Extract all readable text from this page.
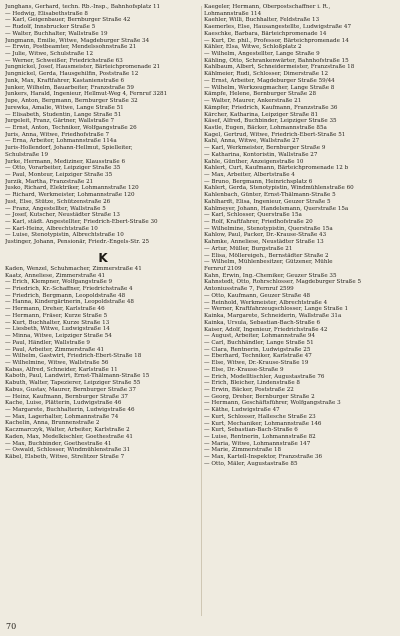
Junghans, Gerhard, techn. Rb.-Insp., Bahnhofsplatz 11
— Hedwig, Elisabethstraße 8
— Karl, Geigenbauer, Bernburger Straße 42
— Rudolf, Innsbrucker Straße 5
— Walter, Buchhalter, Wallstraße 19
Jungmann, Emilie, Witwe, Magdeburger Straße 34
— Erwin, Postbeamter, Mendelssohnstraße 21
— Julie, Witwe, Schulstraße 12
— Werner, Schweißer, Friedrichstraße 63
Jungnickel, Josef, Hausmeister, Bärteichpromenade 21
Jungnickel, Gerda, Hausgehilfin, Poststraße 12
Junk, Max, Kraftfahrer, Kastanienstraße 6
Junker, Wilhelm, Bauarbeiter, Franzstraße 59
Junkers, Harald, Ingenieur, Hellmut-Weg 4, Fernruf 3281
Jupe, Anton, Bergmann, Bernburger Straße 32
Jurewka, Amalie, Witwe, Lange Straße 51
— Elisabeth, Studentin, Lange Straße 51
Jurgeleit, Franz, Gärtner, Wallstraße 7
— Ernst, Anton, Techniker, Wolfgangstraße 26
Juris, Anna, Witwe, Friedhofstraße 7
— Erna, Arbeiter, Lohmannstraße 114a
Juris-Hollendorf, Johann-Hellmut, Spielleiter,
Schulstraße 19
Jurke, Hermann, Mediziner, Klausstraße 6
— Otto, Vorarbeiter, Leipziger Straße 35
— Paul, Monteur, Leipziger Straße 35
Jurzik, Martha, Franzstraße 21
Jusko, Richard, Elektriker, Lohmannstraße 120
— Richard, Werkmeister, Lohmannstraße 120
Just, Else, Stütze, Schützenstraße 26
— Franz, Angestellter, Wallstraße 5
— Josef, Kutscher, Neustädter Straße 13
— Karl, städt. Angestellter, Friedrich-Ebert-Straße 30
— Karl-Heinz, Albrechtstraße 10
— Luise, Stenotypistin, Albrechtstraße 10
Justinger, Johann, Pensionär, Friedr.-Engels-Str. 25
K
Kaden, Wenzel, Schuhmacher, Zimmerstraße 41
Kaatz, Anneliese, Zimmerstraße 41
— Erich, Klempner, Wolfgangstraße 9
— Friedrich, Kr.-Schaffner, Friedrichstraße 4
— Friedrich, Bergmann, Leopoldstraße 48
— Hanna, Kindergärtnerin, Leopoldstraße 48
— Hermann, Dreher, Karlstraße 46
— Hermann, Fräser, Kurze Straße 5
— Kurt, Buchhalter, Kurze Straße 13
— Liesbeth, Witwe, Ludwigstraße 14
— Minna, Witwe, Leipziger Straße 54
— Paul, Händler, Wallstraße 9
— Paul, Arbeiter, Zimmerstraße 41
— Wilhelm, Gastwirt, Friedrich-Ebert-Straße 18
— Wilhelmine, Witwe, Wallstraße 56
Kabas, Alfred, Schneider, Karlstraße 11
Kaboth, Paul, Landwirt, Ernst-Thälmann-Straße 15
Kabuth, Walter, Tapezierer, Leipziger Straße 55
Kabus, Gustav, Maurer, Bernburger Straße 37
— Heinz, Kaufmann, Bernburger Straße 37
Kache, Luise, Plätterin, Ludwigstraße 46
— Margarete, Buchhalterin, Ludwigstraße 46
— Max, Lagerhalter, Lohmannstraße 74
Kachelin, Anna, Brunnenstraße 2
Kaczmarczyk, Walter, Arbeiter, Karlstraße 2
Kaden, Max, Medelkischler, Goethestraße 41
— Max, Buchbinder, Goethestraße 41
— Oswald, Schlosser, Windmühlenstraße 31
Käbel, Elsbeth, Witwe, Strelitzer Straße 7
Kaegeler, Hermann, Oberpostschaffner i. R.,
Lohmannstraße 114
Kaehler, Willi, Buchhalter, Feldstraße 13
Kaemerles, Else, Hausangestellte, Ludwigstraße 47
Kaeschke, Barbara, Bärteichpromenade 14
— Kurt, Dr. phil., Professor, Bärteichpromenade 14
Kähler, Elsa, Witwe, Schloßplatz 2
— Wilhelm, Angestellter, Lange Straße 9
Kähling, Otto, Schrankenwärter, Bahnhofstraße 15
Kahlbaum, Albert, Schneidermeister, Franzstraße 18
Kählmeier, Rudi, Schlosser, Dimerstraße 12
— Ernst, Arbeiter, Magdeburger Straße 59/44
— Wilhelm, Werkzeugmacher, Lange Straße 8
Kämpfe, Helene, Bernburger Straße 28
— Walter, Maurer, Ankerstraße 21
Kämpfer, Friedrich, Kaufmann, Franzstraße 36
Kärcher, Katharina, Leipziger Straße 81
Käsef, Alfred, Buchbinder, Leipziger Straße 35
Kastle, Eugen, Bäcker, Lohmannstraße 85a
Kagel, Gertrud, Witwe, Friedrich-Ebert-Straße 51
Kahl, Anna, Witwe, Wallstraße 27
— Karl, Werkmeister, Bernburger Straße 9
— Katharina, Kontoristin, Wallstraße 27
Kahle, Günther, Anzeigenstraße 10
Kahlert, Curt, Kaufmann, Bärteichpromenade 12 b
— Max, Arbeiter, Albertstraße 4
— Bruno, Bergmann, Heinrichsplatz 6
Kahlert, Gerda, Stenotypistin, Windmühlenstraße 60
Kahlenbach, Günter, Ernst-Thälmann-Straße 5
Kahlhardt, Elisa, Ingenieur, Geuzer Straße 5
Kahlmeyer, Johann, Handelsmann, Querstraße 15a
— Karl, Schlosser, Querstraße 15a
— Rolf, Kraftfahrer, Friedhofstraße 20
— Wilhelmine, Stenotypistin, Querstraße 15a
Kahlow, Paul, Packer, Dr.-Krause-Straße 43
Kahmke, Anneliese, Neustädter Straße 13
— Artur, Müller, Burgstraße 21
— Elisa, Möllereigeh., Bernstädter Straße 2
— Wilhelm, Mühlenbesitzer, Gützener, Mühle
Fernruf 2109
Kahn, Erwin, Ing.-Chemiker, Geuzer Straße 35
Kahnstedt, Otto, Rohrschlosser, Magdeburger Straße 5
Antoniusstraße 7, Fernruf 2599
— Otto, Kaufmann, Geuzer Straße 48
— Reinhold, Werkmeister, Albrechtstraße 4
— Werner, Kraftfahrzeugschlosser, Lange Straße 1
Kainka, Margarete, Schneiderin, Wallstraße 31a
Kainka, Ursula, Sebastian-Bach-Straße 6
Kaiser, Adolf, Ingenieur, Friedrichstraße 42
— August, Arbeiter, Lohmannstraße 94
— Carl, Buchhändler, Lange Straße 51
— Clara, Rentnerin, Ludwigstraße 25
— Eberhard, Techniker, Karlstraße 47
— Else, Witwe, Dr.-Krause-Straße 19
— Else, Dr.-Krause-Straße 9
— Erich, Modelltischler, Augustastraße 76
— Erich, Bleicher, Lindenstraße 8
— Erwin, Bäcker, Poststraße 22
— Georg, Dreher, Bernburger Straße 2
— Hermann, Geschäftsführer, Wolfgangstraße 3
— Käthe, Ludwigstraße 47
— Kurt, Schlosser, Hallesche Straße 23
— Kurt, Mechaniker, Lohmannstraße 146
— Kurt, Sebastian-Bach-Straße 6
— Luise, Rentnerin, Lohmannstraße 82
— Maria, Witwe, Lohmannstraße 147
— Marie, Zimmerstraße 18
— Max, Kartell-Inspektor, Franzstraße 36
— Otto, Mäler, Augustastraße 85
70
